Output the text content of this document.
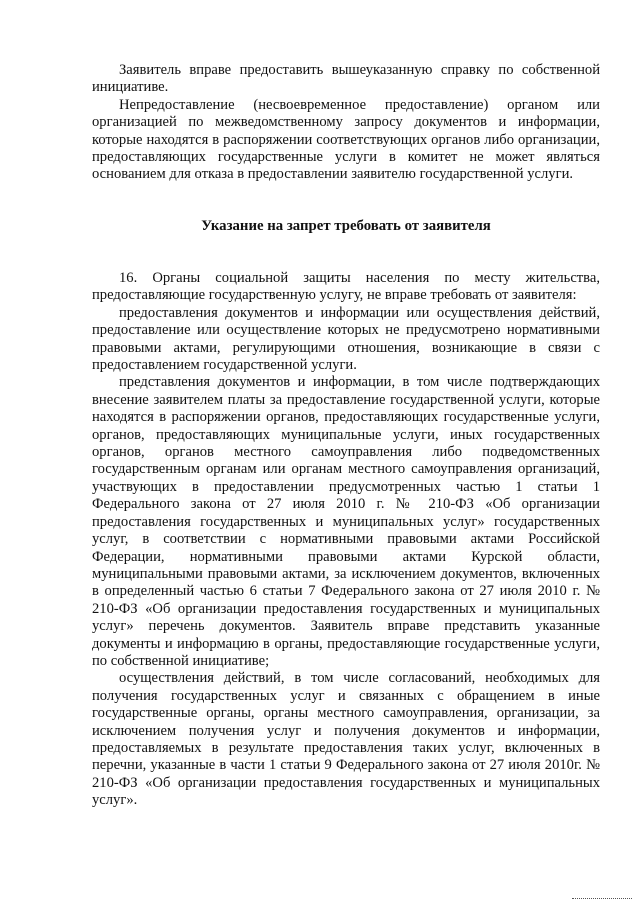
Заявитель вправе предоставить вышеуказанную справку по собственной инициативе.

Непредоставление (несвоевременное предоставление) органом или организацией по межведомственному запросу документов и информации, которые находятся в распоряжении соответствующих органов либо организации, предоставляющих государственные услуги в комитет не может являться основанием для отказа в предоставлении заявителю государственной услуги.

Указание на запрет требовать от заявителя

16. Органы социальной защиты населения по месту жительства, предоставляющие государственную услугу, не вправе требовать от заявителя:

предоставления документов и информации или осуществления действий, предоставление или осуществление которых не предусмотрено нормативными правовыми актами, регулирующими отношения, возникающие в связи с предоставлением государственной услуги.

представления документов и информации, в том числе подтверждающих внесение заявителем платы за предоставление государственной услуги, которые находятся в распоряжении органов, предоставляющих государственные услуги, органов, предоставляющих муниципальные услуги, иных государственных органов, органов местного самоуправления либо подведомственных государственным органам или органам местного самоуправления организаций, участвующих в предоставлении предусмотренных частью 1 статьи 1 Федерального закона от 27 июля 2010 г. № 210-ФЗ «Об организации предоставления государственных и муниципальных услуг» государственных услуг, в соответствии с нормативными правовыми актами Российской Федерации, нормативными правовыми актами Курской области, муниципальными правовыми актами, за исключением документов, включенных в определенный частью 6 статьи 7 Федерального закона от 27 июля 2010 г. № 210-ФЗ «Об организации предоставления государственных и муниципальных услуг» перечень документов. Заявитель вправе представить указанные документы и информацию в органы, предоставляющие государственные услуги, по собственной инициативе;

осуществления действий, в том числе согласований, необходимых для получения государственных услуг и связанных с обращением в иные государственные органы, органы местного самоуправления, организации, за исключением получения услуг и получения документов и информации, предоставляемых в результате предоставления таких услуг, включенных в перечни, указанные в части 1 статьи 9 Федерального закона от 27 июля 2010г. № 210-ФЗ «Об организации предоставления государственных и муниципальных услуг».
